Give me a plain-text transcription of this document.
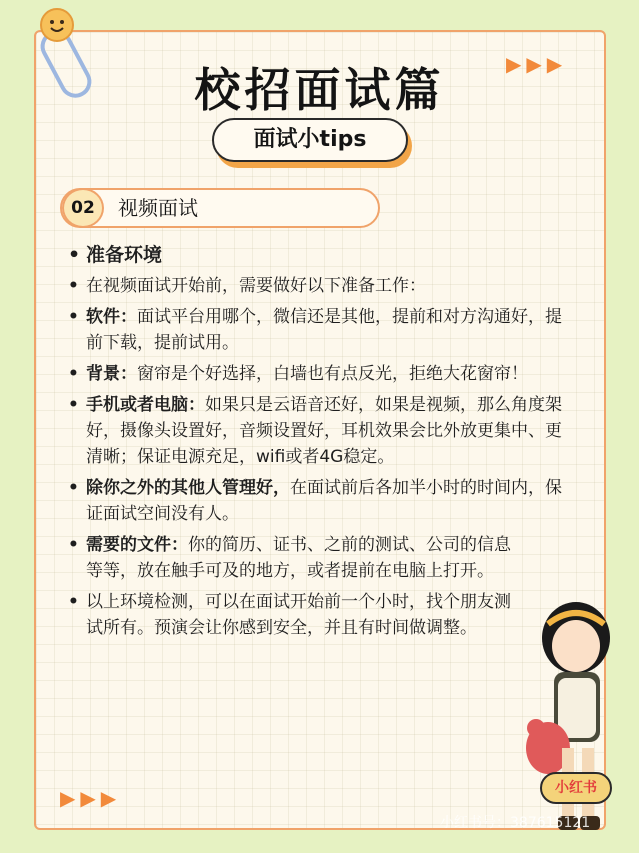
▶▶▶
校招面试篇
面试小tips
02	视频面试
• 准备环境
• 在视频面试开始前，需要做好以下准备工作：
• 软件：面试平台用哪个，微信还是其他，提前和对方沟通好，提前下载，提前试用。
• 背景：窗帘是个好选择，白墙也有点反光，拒绝大花窗帘！
• 手机或者电脑：如果只是云语音还好，如果是视频，那么角度架好，摄像头设置好，音频设置好，耳机效果会比外放更集中、更清晰；保证电源充足，wifi或者4G稳定。
• 除你之外的其他人管理好，在面试前后各加半小时的时间内，保证面试空间没有人。
• 需要的文件：你的简历、证书、之前的测试、公司的信息等等，放在触手可及的地方，或者提前在电脑上打开。
• 以上环境检测，可以在面试开始前一个小时，找个朋友测试所有。预演会让你感到安全，并且有时间做调整。
▶▶▶	小红书
小红书号：387615121
